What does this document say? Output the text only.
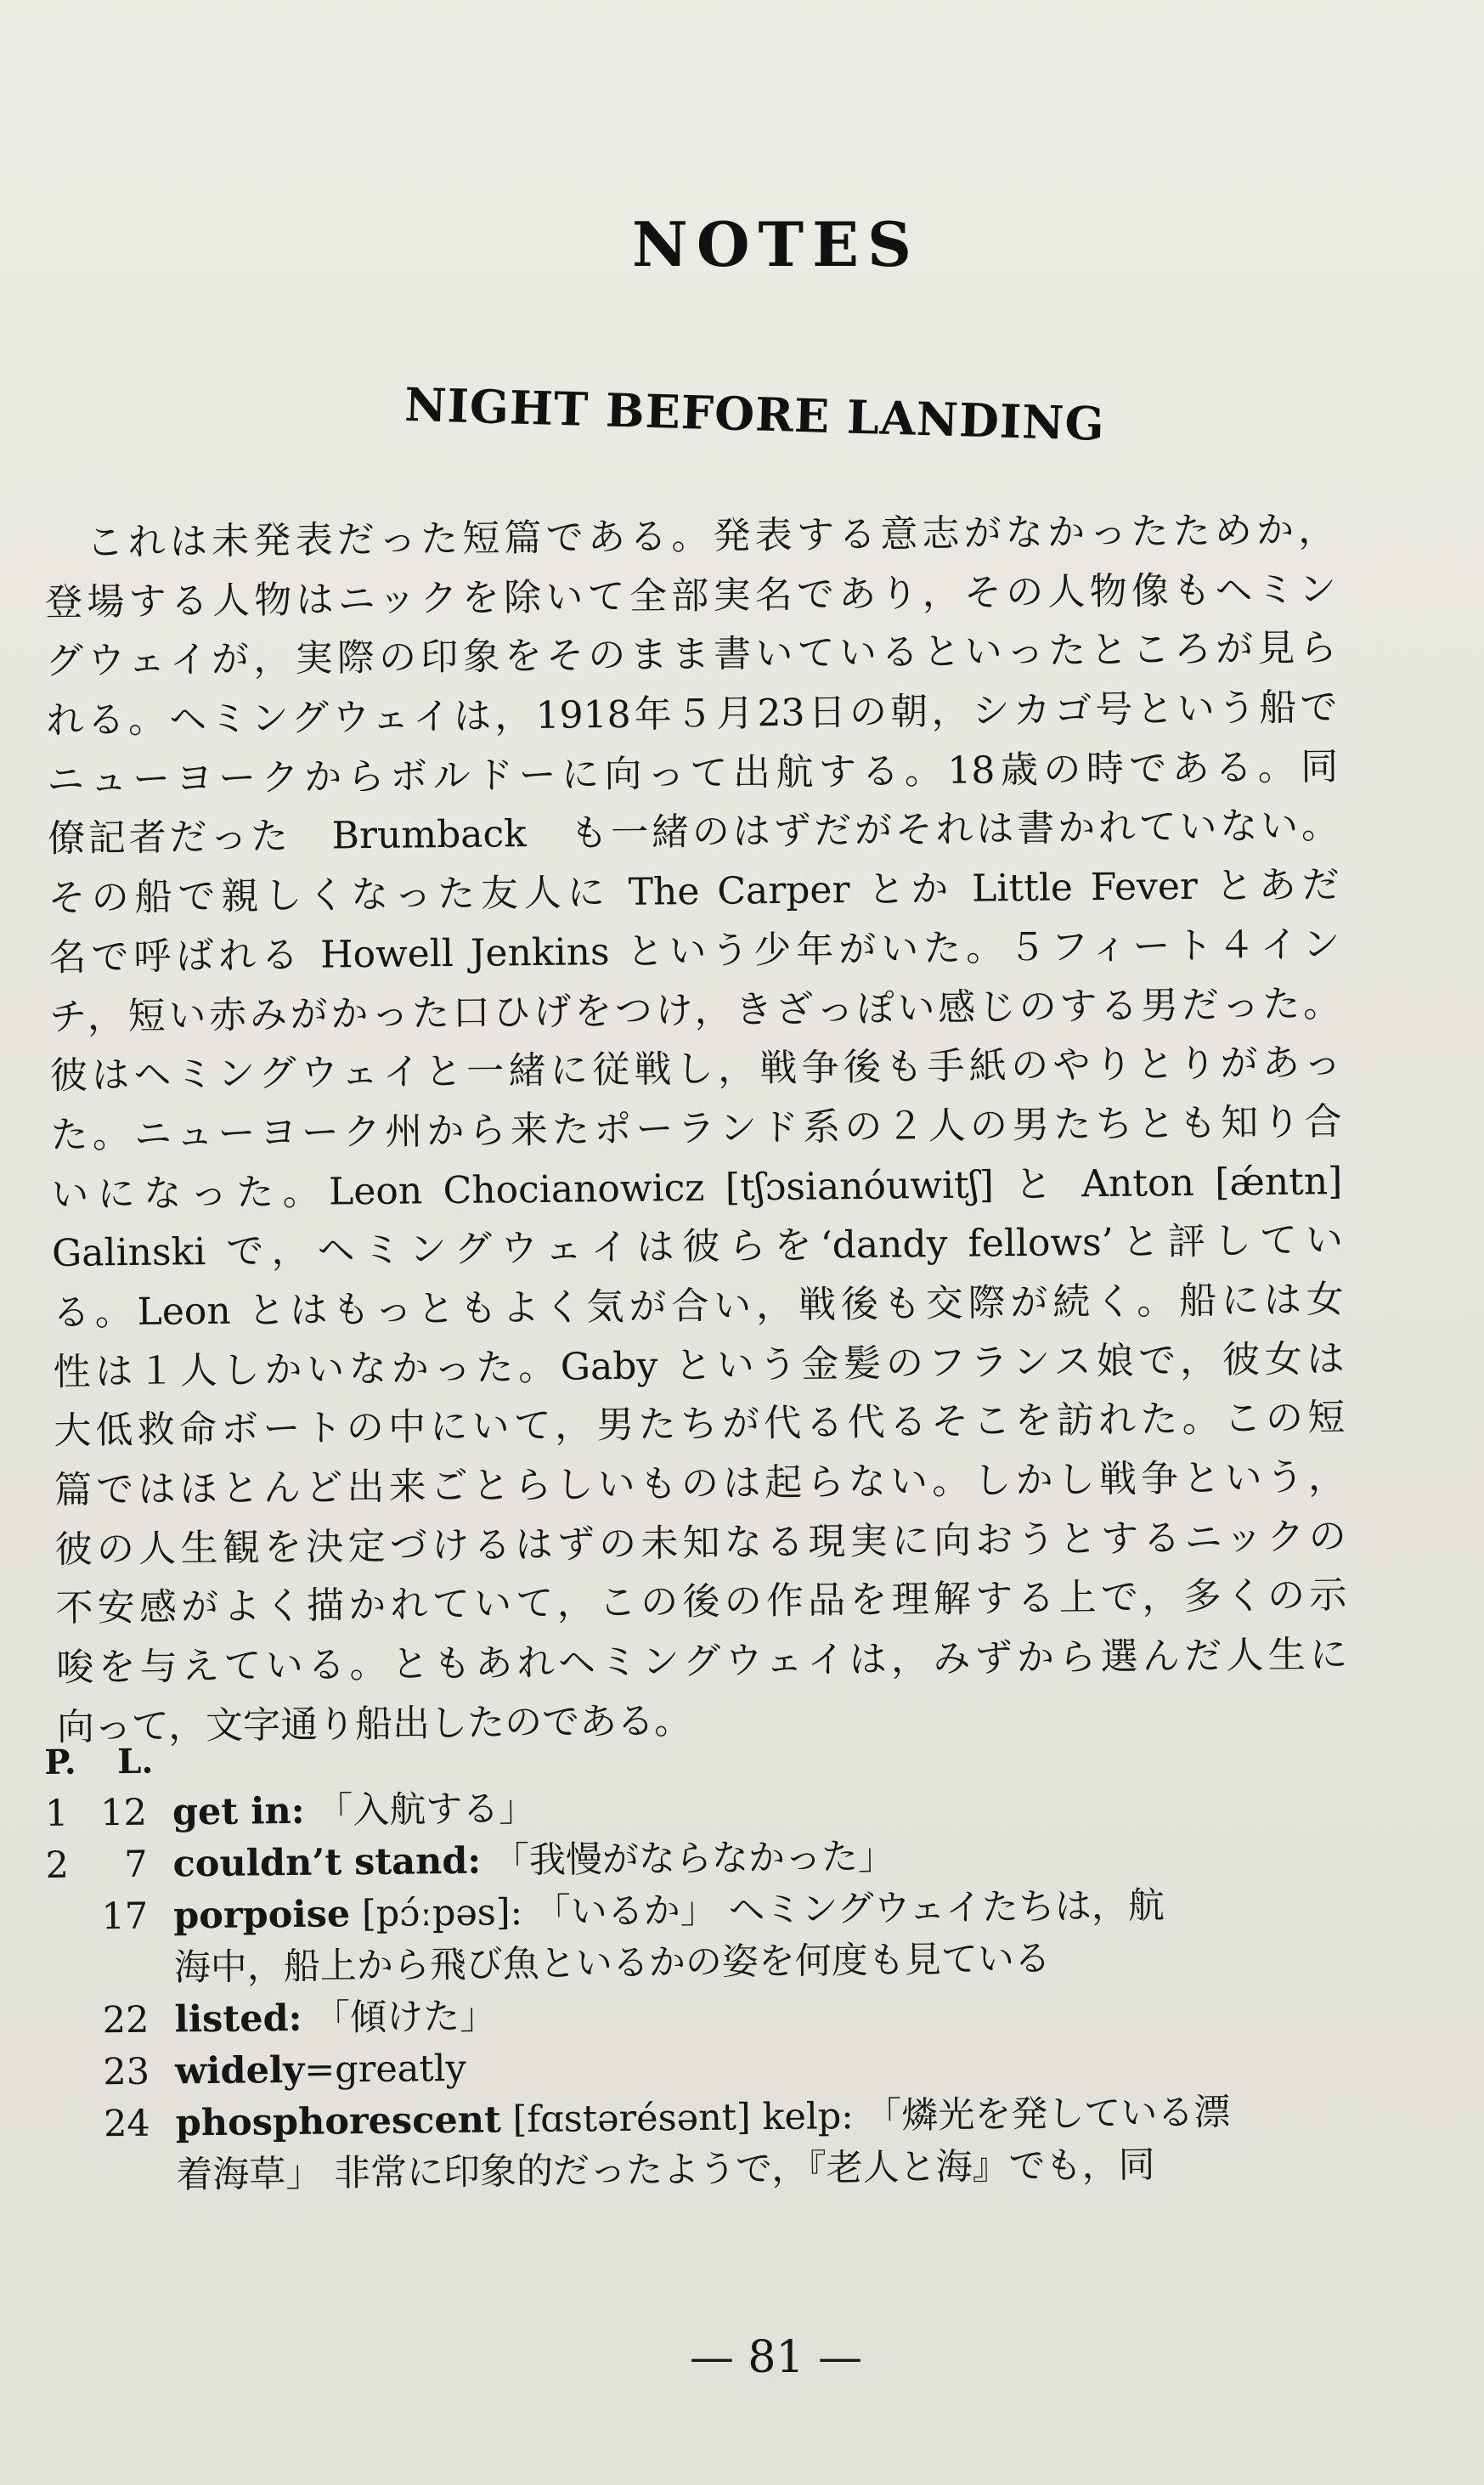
NOTES
NIGHT BEFORE LANDING
　これは未発表だった短篇である。発表する意志がなかったためか，
登場する人物はニックを除いて全部実名であり，その人物像もヘミン
グウェイが，実際の印象をそのまま書いているといったところが見ら
れる。ヘミングウェイは，1918年５月23日の朝，シカゴ号という船で
ニューヨークからボルドーに向って出航する。18歳の時である。同
僚記者だった　Brumback　も一緒のはずだがそれは書かれていない。
その船で親しくなった友人に The Carper とか Little Fever とあだ
名で呼ばれる Howell Jenkins という少年がいた。５フィート４イン
チ，短い赤みがかった口ひげをつけ，きざっぽい感じのする男だった。
彼はヘミングウェイと一緒に従戦し，戦争後も手紙のやりとりがあっ
た。ニューヨーク州から来たポーランド系の２人の男たちとも知り合
いになった。Leon Chocianowicz [tʃɔsianóuwitʃ] と Anton [ǽntn]
Galinski で，ヘミングウェイは彼らを‘dandy fellows’と評してい
る。Leon とはもっともよく気が合い，戦後も交際が続く。船には女
性は１人しかいなかった。Gaby という金髪のフランス娘で，彼女は
大低救命ボートの中にいて，男たちが代る代るそこを訪れた。この短
篇ではほとんど出来ごとらしいものは起らない。しかし戦争という，
彼の人生観を決定づけるはずの未知なる現実に向おうとするニックの
不安感がよく描かれていて，この後の作品を理解する上で，多くの示
唆を与えている。ともあれヘミングウェイは，みずから選んだ人生に
向って，文字通り船出したのである。
P. L.
1 12 get in: 「入航する」
2	7 couldn’t stand: 「我慢がならなかった」
17 porpoise [pɔ́ːpəs]: 「いるか」 ヘミングウェイたちは，航
海中，船上から飛び魚といるかの姿を何度も見ている
22 listed: 「傾けた」
23 widely=greatly
24 phosphorescent [fɑstərésənt] kelp: 「燐光を発している漂
着海草」 非常に印象的だったようで，『老人と海』でも，同
— 81 —
